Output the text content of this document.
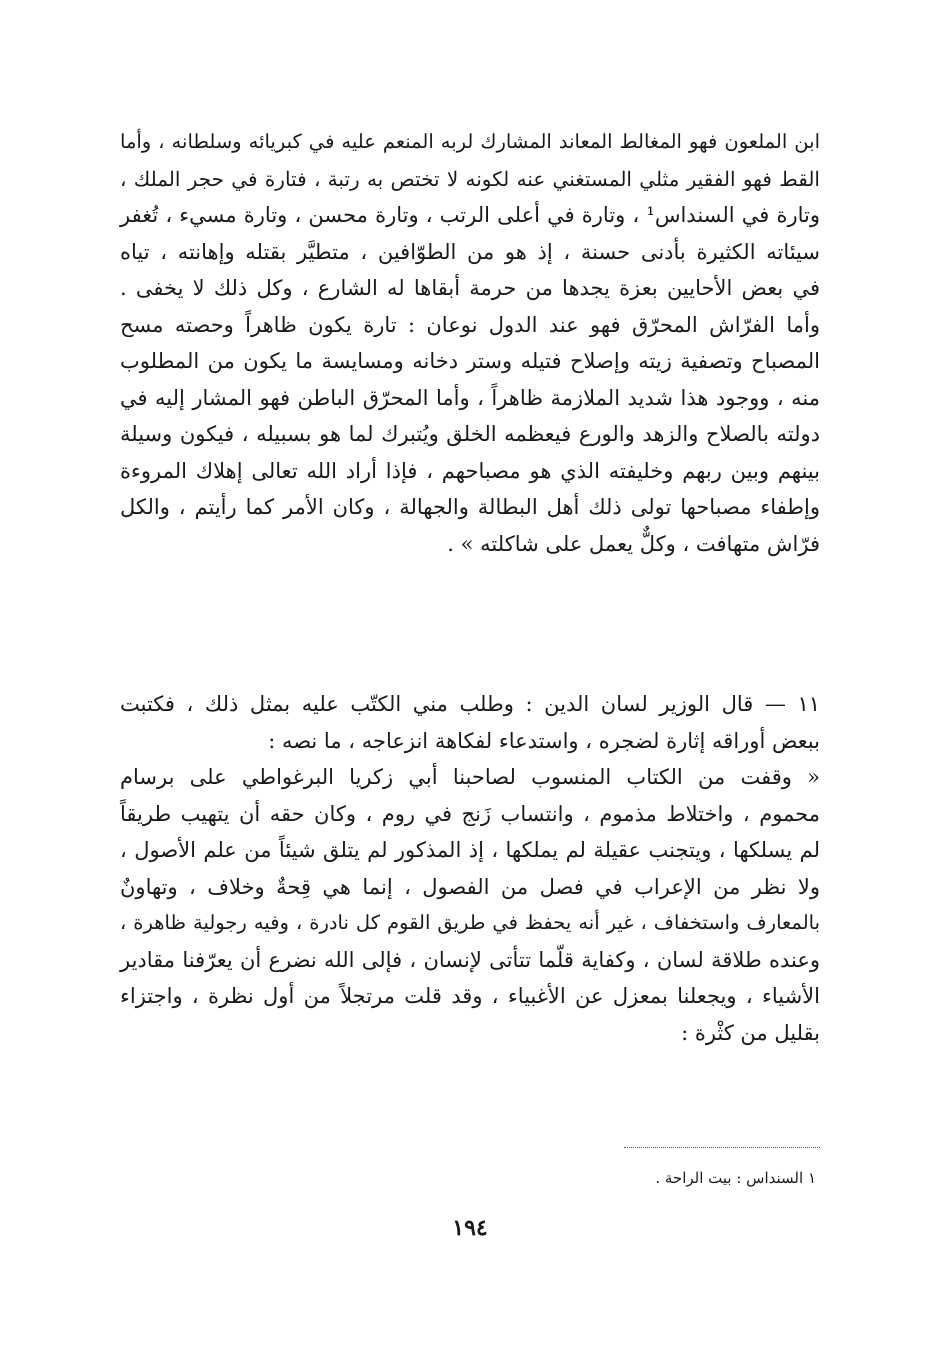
ابن الملعون فهو المغالط المعاند المشارك لربه المنعم عليه في كبريائه وسلطانه ، وأما
القط فهو الفقير مثلي المستغني عنه لكونه لا تختص به رتبة ، فتارة في حجر الملك ،
وتارة في السنداس¹ ، وتارة في أعلى الرتب ، وتارة محسن ، وتارة مسيء ، تُغفر
سيئاته الكثيرة بأدنى حسنة ، إذ هو من الطوّافين ، متطيَّر بقتله وإهانته ، تياه
في بعض الأحايين بعزة يجدها من حرمة أبقاها له الشارع ، وكل ذلك لا يخفى .
وأما الفرّاش المحرّق فهو عند الدول نوعان : تارة يكون ظاهراً وحصته مسح
المصباح وتصفية زيته وإصلاح فتيله وستر دخانه ومسايسة ما يكون من المطلوب
منه ، ووجود هذا شديد الملازمة ظاهراً ، وأما المحرّق الباطن فهو المشار إليه في
دولته بالصلاح والزهد والورع فيعظمه الخلق ويُتبرك لما هو بسبيله ، فيكون وسيلة
بينهم وبين ربهم وخليفته الذي هو مصباحهم ، فإذا أراد الله تعالى إهلاك المروءة
وإطفاء مصباحها تولى ذلك أهل البطالة والجهالة ، وكان الأمر كما رأيتم ، والكل
فرّاش متهافت ، وكلٌّ يعمل على شاكلته » .
١١ — قال الوزير لسان الدين : وطلب مني الكتّب عليه بمثل ذلك ، فكتبت
ببعض أوراقه إثارة لضجره ، واستدعاء لفكاهة انزعاجه ، ما نصه :
« وقفت من الكتاب المنسوب لصاحبنا أبي زكريا البرغواطي على برسام
محموم ، واختلاط مذموم ، وانتساب زَنج في روم ، وكان حقه أن يتهيب طريقاً
لم يسلكها ، ويتجنب عقيلة لم يملكها ، إذ المذكور لم يتلق شيئاً من علم الأصول ،
ولا نظر من الإعراب في فصل من الفصول ، إنما هي قِحةٌ وخلاف ، وتهاونٌ
بالمعارف واستخفاف ، غير أنه يحفظ في طريق القوم كل نادرة ، وفيه رجولية ظاهرة ،
وعنده طلاقة لسان ، وكفاية قلّما تتأتى لإنسان ، فإلى الله نضرع أن يعرّفنا مقادير
الأشياء ، ويجعلنا بمعزل عن الأغبياء ، وقد قلت مرتجلاً من أول نظرة ، واجتزاء
بقليل من كثْرة :
١ السنداس : بيت الراحة .
١٩٤
